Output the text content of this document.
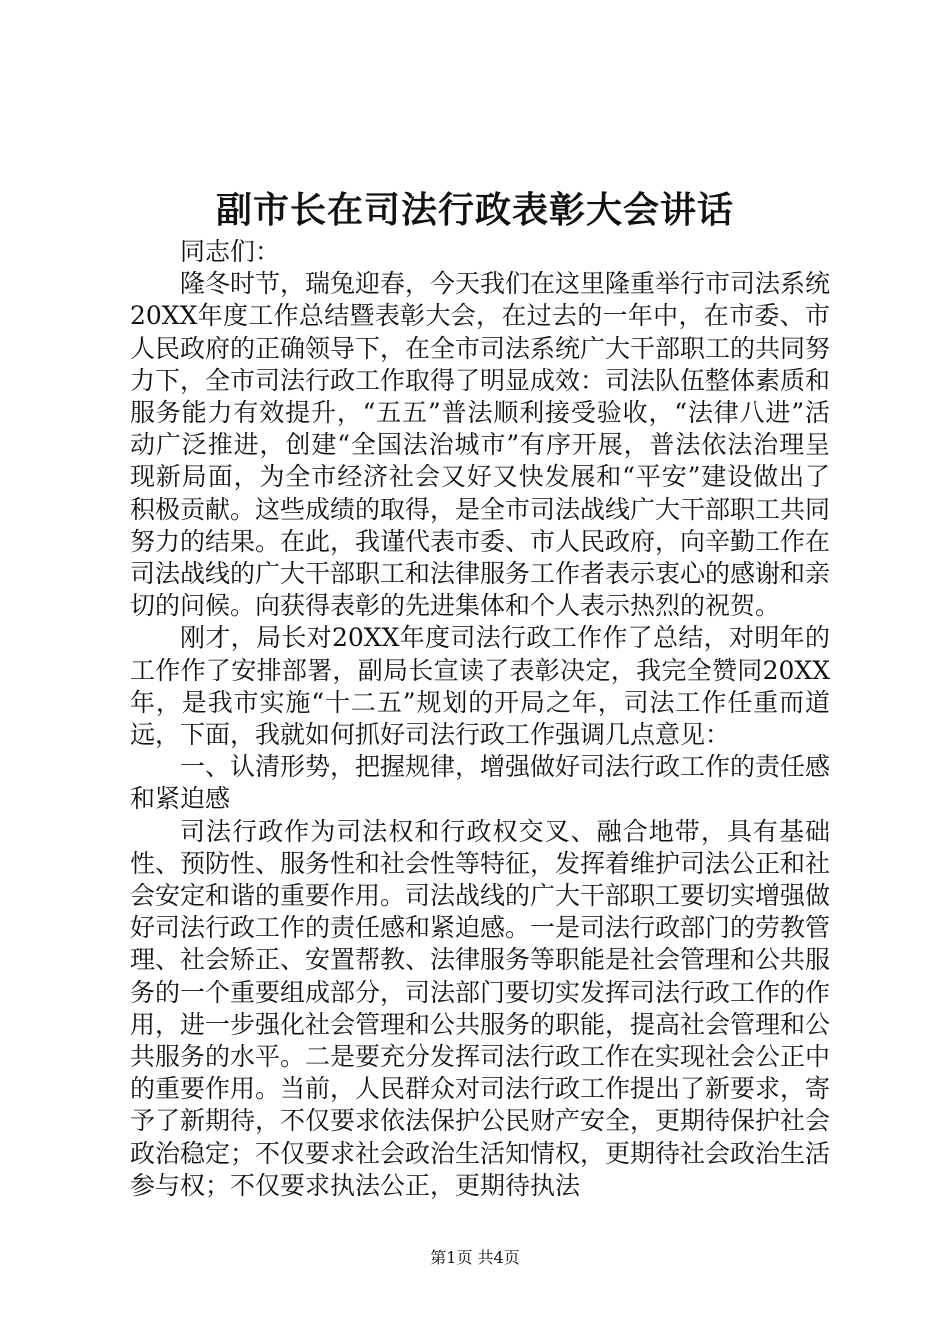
副市长在司法行政表彰大会讲话

同志们：

隆冬时节，瑞兔迎春，今天我们在这里隆重举行市司法系统20XX年度工作总结暨表彰大会，在过去的一年中，在市委、市人民政府的正确领导下，在全市司法系统广大干部职工的共同努力下，全市司法行政工作取得了明显成效：司法队伍整体素质和服务能力有效提升，“五五”普法顺利接受验收，“法律八进”活动广泛推进，创建“全国法治城市”有序开展，普法依法治理呈现新局面，为全市经济社会又好又快发展和“平安”建设做出了积极贡献。这些成绩的取得，是全市司法战线广大干部职工共同努力的结果。在此，我谨代表市委、市人民政府，向辛勤工作在司法战线的广大干部职工和法律服务工作者表示衷心的感谢和亲切的问候。向获得表彰的先进集体和个人表示热烈的祝贺。

刚才，局长对20XX年度司法行政工作作了总结，对明年的工作作了安排部署，副局长宣读了表彰决定，我完全赞同20XX年，是我市实施“十二五”规划的开局之年，司法工作任重而道远，下面，我就如何抓好司法行政工作强调几点意见：

一、认清形势，把握规律，增强做好司法行政工作的责任感和紧迫感

司法行政作为司法权和行政权交叉、融合地带，具有基础性、预防性、服务性和社会性等特征，发挥着维护司法公正和社会安定和谐的重要作用。司法战线的广大干部职工要切实增强做好司法行政工作的责任感和紧迫感。一是司法行政部门的劳教管理、社会矫正、安置帮教、法律服务等职能是社会管理和公共服务的一个重要组成部分，司法部门要切实发挥司法行政工作的作用，进一步强化社会管理和公共服务的职能，提高社会管理和公共服务的水平。二是要充分发挥司法行政工作在实现社会公正中的重要作用。当前，人民群众对司法行政工作提出了新要求，寄予了新期待，不仅要求依法保护公民财产安全，更期待保护社会政治稳定；不仅要求社会政治生活知情权，更期待社会政治生活参与权；不仅要求执法公正，更期待执法

第1页 共4页
